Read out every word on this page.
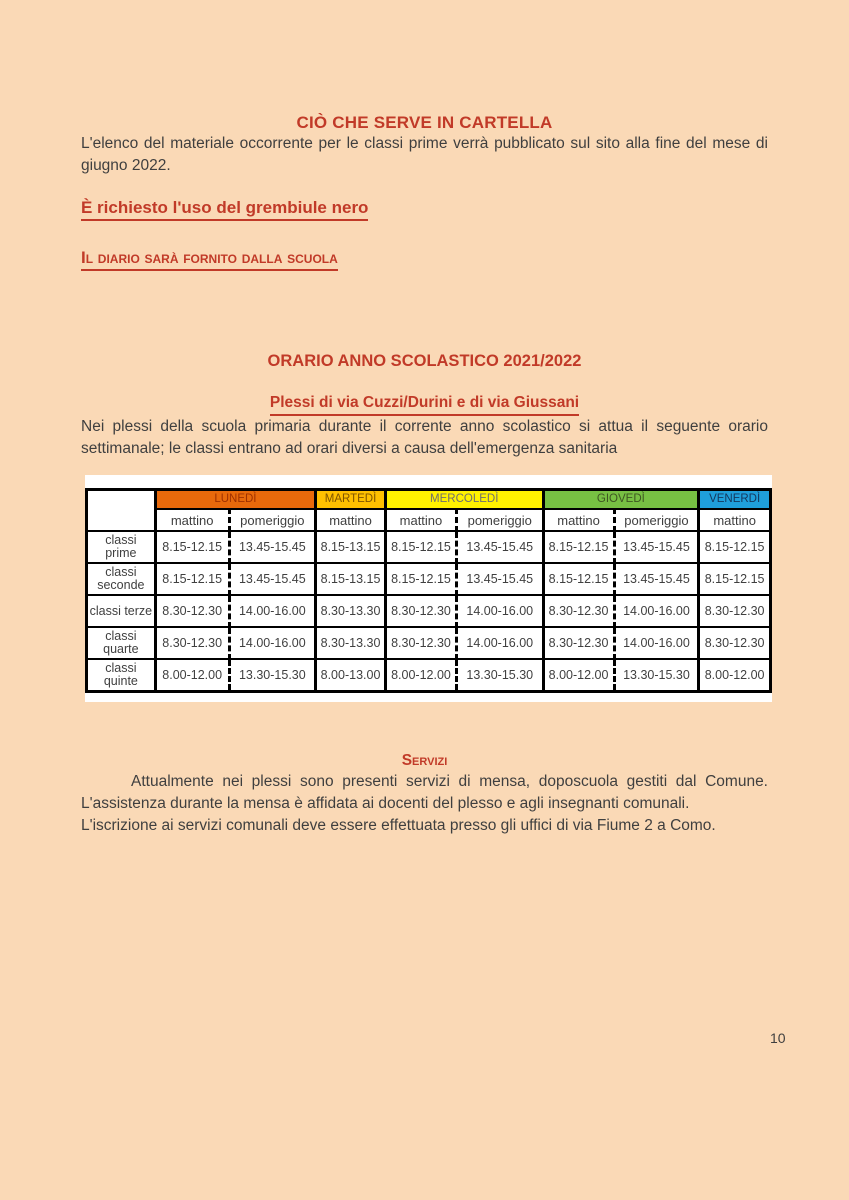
CIÒ CHE SERVE IN CARTELLA

L'elenco del materiale occorrente per le classi prime verrà pubblicato sul sito alla fine del mese di giugno 2022.

È richiesto l'uso del grembiule nero

Il diario sarà fornito dalla scuola

ORARIO ANNO SCOLASTICO 2021/2022
Plessi di via Cuzzi/Durini e di via Giussani

Nei plessi della scuola primaria durante il corrente anno scolastico si attua il seguente orario settimanale; le classi entrano ad orari diversi a causa dell'emergenza sanitaria

	LUNEDÌ		MARTEDÌ	MERCOLEDÌ		GIOVEDÌ		VENERDÌ
	mattino	pomeriggio	mattino	mattino	pomeriggio	mattino	pomeriggio	mattino
classi prime	8.15-12.15	13.45-15.45	8.15-13.15	8.15-12.15	13.45-15.45	8.15-12.15	13.45-15.45	8.15-12.15
classi seconde	8.15-12.15	13.45-15.45	8.15-13.15	8.15-12.15	13.45-15.45	8.15-12.15	13.45-15.45	8.15-12.15
classi terze	8.30-12.30	14.00-16.00	8.30-13.30	8.30-12.30	14.00-16.00	8.30-12.30	14.00-16.00	8.30-12.30
classi quarte	8.30-12.30	14.00-16.00	8.30-13.30	8.30-12.30	14.00-16.00	8.30-12.30	14.00-16.00	8.30-12.30
classi quinte	8.00-12.00	13.30-15.30	8.00-13.00	8.00-12.00	13.30-15.30	8.00-12.00	13.30-15.30	8.00-12.00
Servizi

Attualmente nei plessi sono presenti servizi di mensa, doposcuola gestiti dal Comune. L'assistenza durante la mensa è affidata ai docenti del plesso e agli insegnanti comunali.

L'iscrizione ai servizi comunali deve essere effettuata presso gli uffici di via Fiume 2 a Como.

10
